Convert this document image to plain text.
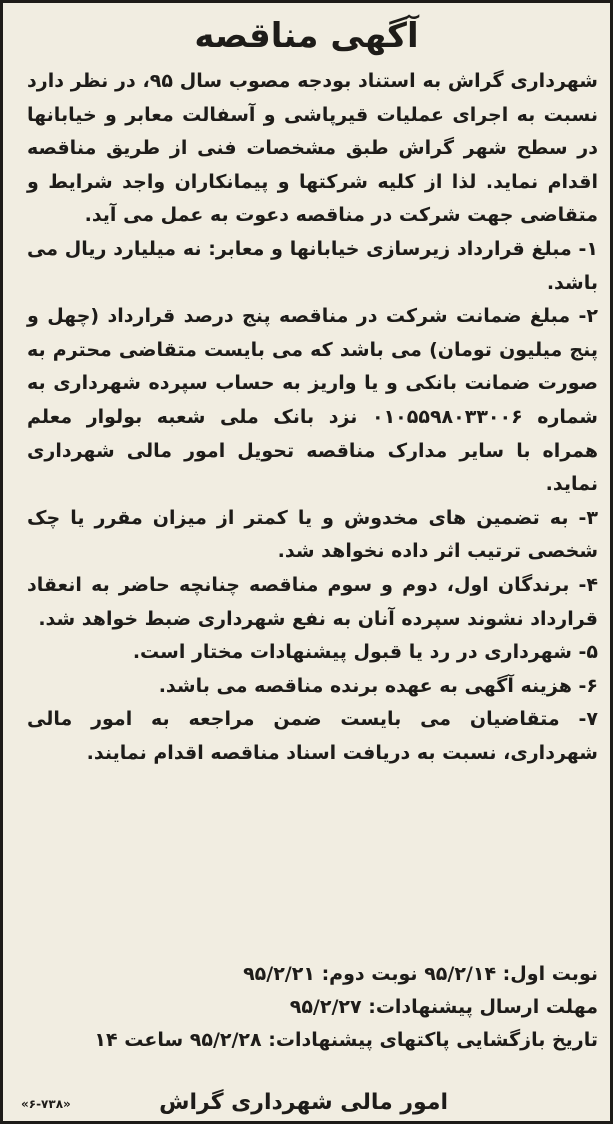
آگهی مناقصه

شهرداری گراش به استناد بودجه مصوب سال ۹۵، در نظر دارد نسبت به اجرای عملیات قیرپاشی و آسفالت معابر و خیابانها در سطح شهر گراش طبق مشخصات فنی از طریق مناقصه اقدام نماید. لذا از کلیه شرکتها و پیمانکاران واجد شرایط و متقاضی جهت شرکت در مناقصه دعوت به عمل می آید.

۱- مبلغ قرارداد زیرسازی خیابانها و معابر: نه میلیارد ریال می باشد.

۲- مبلغ ضمانت شرکت در مناقصه پنج درصد قرارداد (چهل و پنج میلیون تومان) می باشد که می بایست متقاضی محترم به صورت ضمانت بانکی و یا واریز به حساب سپرده شهرداری به شماره ۰۱۰۵۵۹۸۰۳۳۰۰۶ نزد بانک ملی شعبه بولوار معلم همراه با سایر مدارک مناقصه تحویل امور مالی شهرداری نماید.

۳- به تضمین های مخدوش و یا کمتر از میزان مقرر یا چک شخصی ترتیب اثر داده نخواهد شد.

۴- برندگان اول، دوم و سوم مناقصه چنانچه حاضر به انعقاد قرارداد نشوند سپرده آنان به نفع شهرداری ضبط خواهد شد.

۵- شهرداری در رد یا قبول پیشنهادات مختار است.

۶- هزینه آگهی به عهده برنده مناقصه می باشد.

۷- متقاضیان می بایست ضمن مراجعه به امور مالی شهرداری، نسبت به دریافت اسناد مناقصه اقدام نمایند.

نوبت اول: ۹۵/۲/۱۴ نوبت دوم: ۹۵/۲/۲۱
مهلت ارسال پیشنهادات: ۹۵/۲/۲۷
تاریخ بازگشایی پاکتهای پیشنهادات: ۹۵/۲/۲۸ ساعت ۱۴
امور مالی شهرداری گراش
«۶-۷۳۸»
